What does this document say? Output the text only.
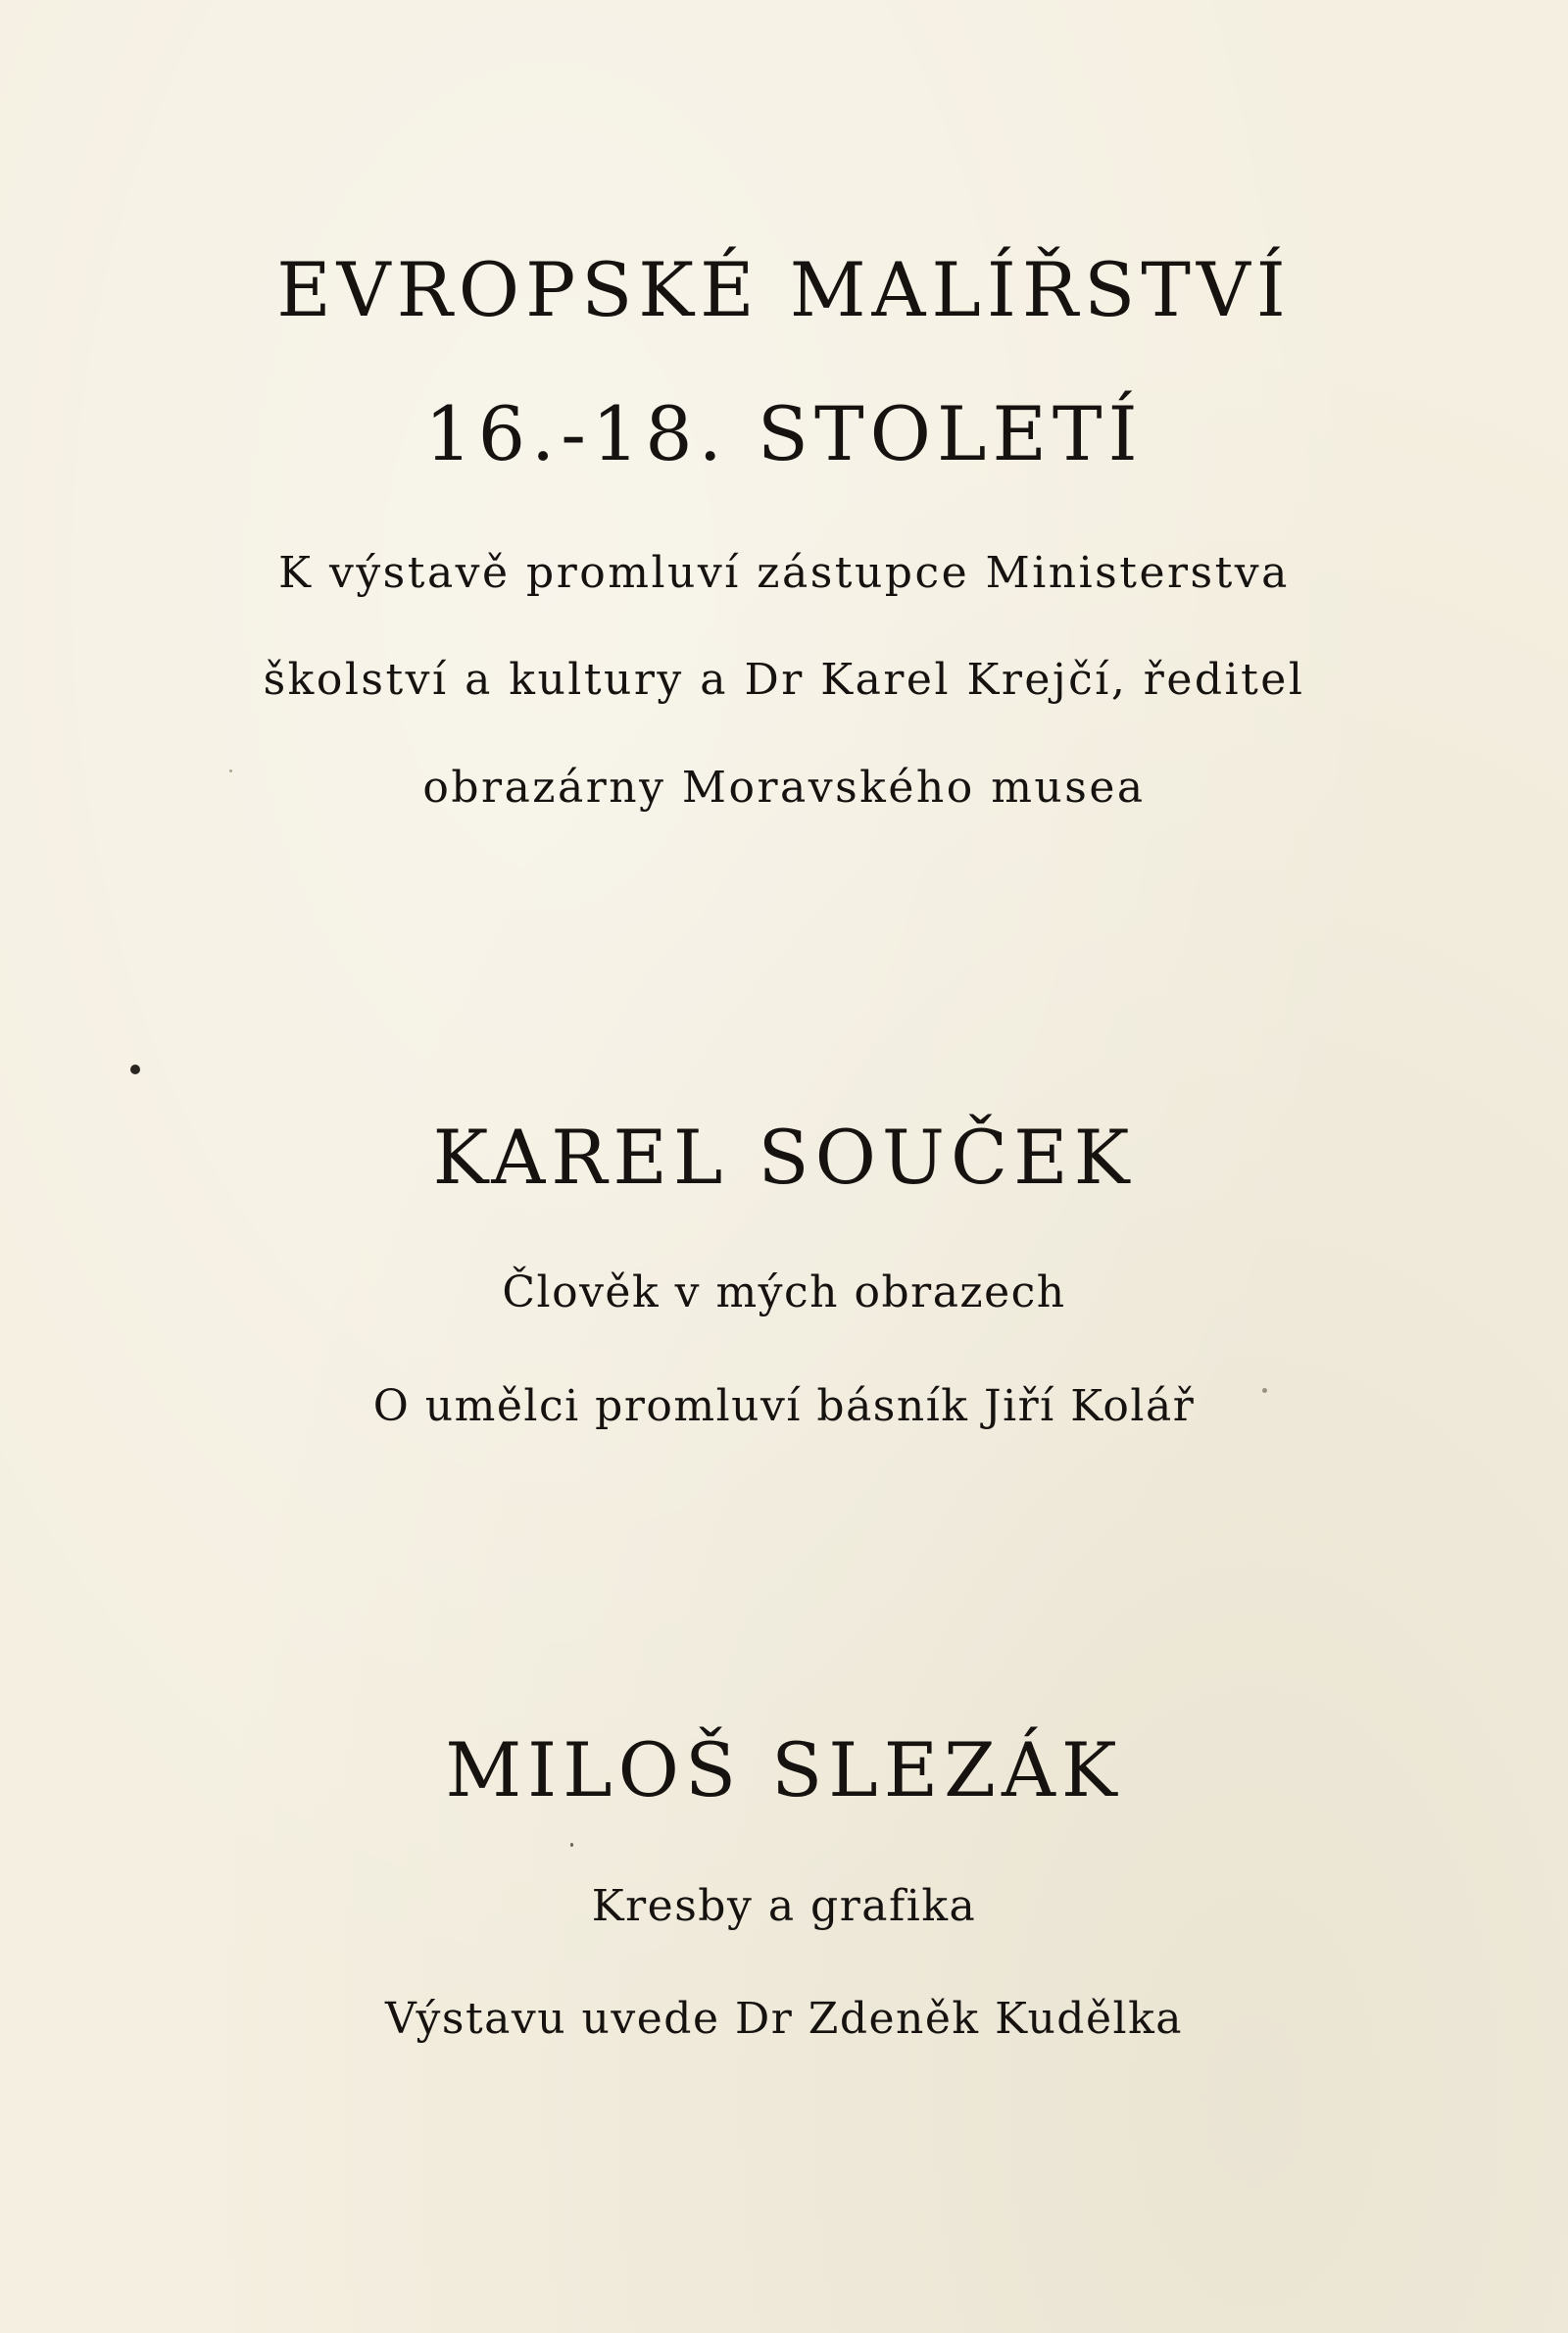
EVROPSKÉ MALÍŘSTVÍ
16.-18. STOLETÍ

K výstavě promluví zástupce Ministerstva

školství a kultury a Dr Karel Krejčí, ředitel

obrazárny Moravského musea

KAREL SOUČEK

Člověk v mých obrazech

O umělci promluví básník Jiří Kolář

MILOŠ SLEZÁK

Kresby a grafika

Výstavu uvede Dr Zdeněk Kudělka
